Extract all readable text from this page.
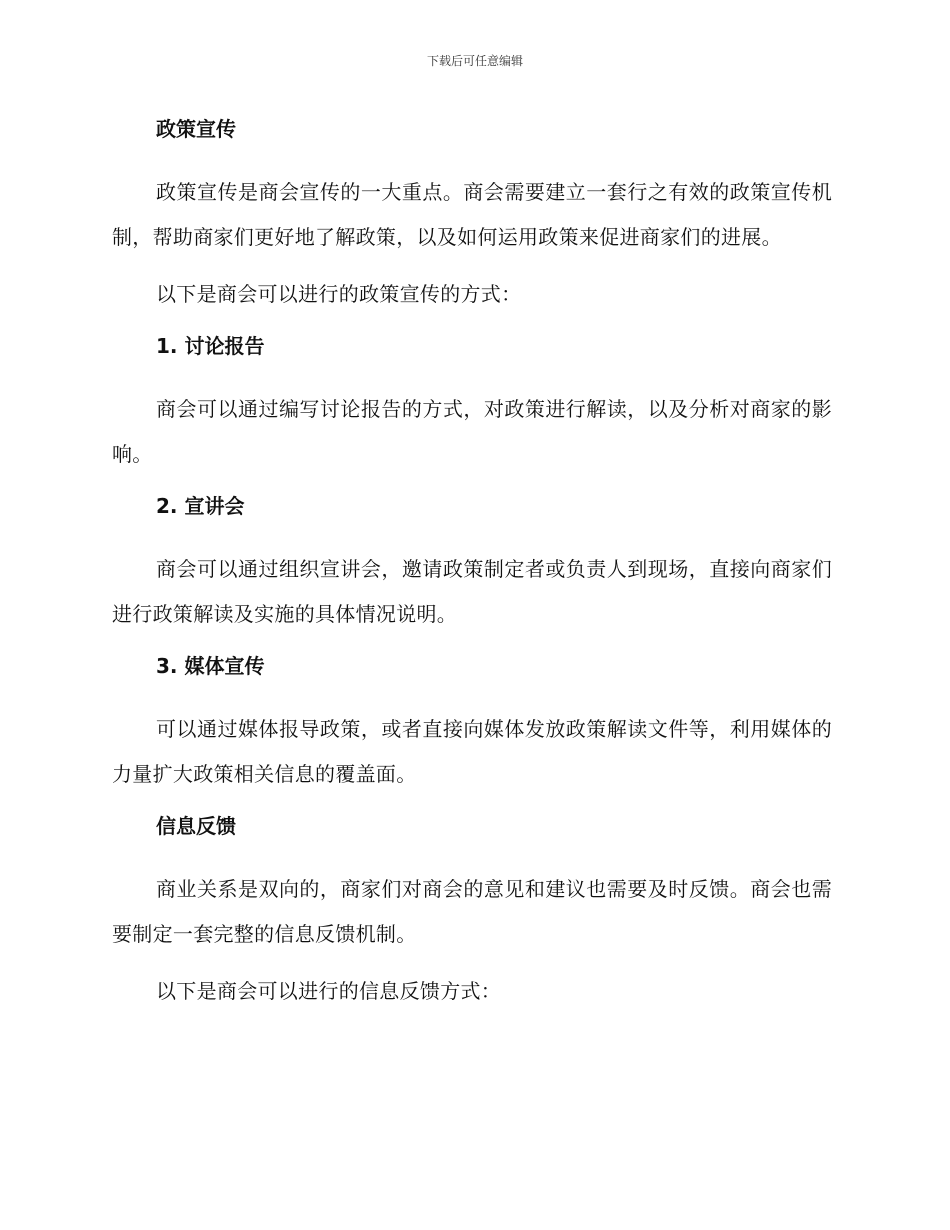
下载后可任意编辑
政策宣传

政策宣传是商会宣传的一大重点。商会需要建立一套行之有效的政策宣传机制，帮助商家们更好地了解政策，以及如何运用政策来促进商家们的进展。

以下是商会可以进行的政策宣传的方式：

1. 讨论报告

商会可以通过编写讨论报告的方式，对政策进行解读，以及分析对商家的影响。

2. 宣讲会

商会可以通过组织宣讲会，邀请政策制定者或负责人到现场，直接向商家们进行政策解读及实施的具体情况说明。

3. 媒体宣传

可以通过媒体报导政策，或者直接向媒体发放政策解读文件等，利用媒体的力量扩大政策相关信息的覆盖面。

信息反馈

商业关系是双向的，商家们对商会的意见和建议也需要及时反馈。商会也需要制定一套完整的信息反馈机制。

以下是商会可以进行的信息反馈方式：
